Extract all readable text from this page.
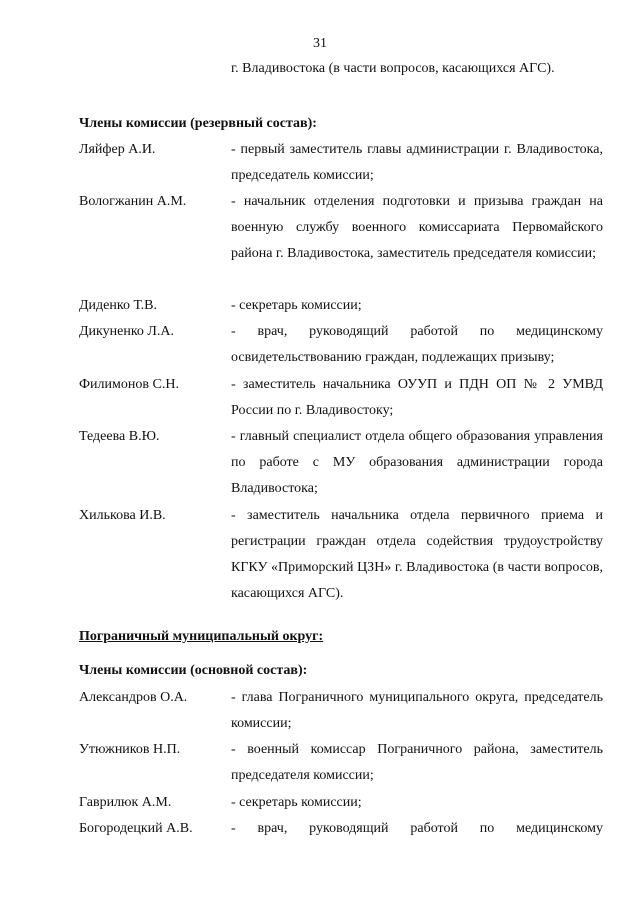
31
г. Владивостока (в части вопросов, касающихся АГС).
Члены комиссии (резервный состав):
Ляйфер А.И.	- первый заместитель главы администрации г. Владивостока, председатель комиссии;
Вологжанин А.М.	- начальник отделения подготовки и призыва граждан на военную службу военного комиссариата Первомайского района г. Владивостока, заместитель председателя комиссии;
Диденко Т.В.	- секретарь комиссии;
Дикуненко Л.А.	- врач, руководящий работой по медицинскому освидетельствованию граждан, подлежащих призыву;
Филимонов С.Н.	- заместитель начальника ОУУП и ПДН ОП № 2 УМВД России по г. Владивостоку;
Тедеева В.Ю.	- главный специалист отдела общего образования управления по работе с МУ образования администрации города Владивостока;
Хилькова И.В.	- заместитель начальника отдела первичного приема и регистрации граждан отдела содействия трудоустройству КГКУ «Приморский ЦЗН» г. Владивостока (в части вопросов, касающихся АГС).
Пограничный муниципальный округ:
Члены комиссии (основной состав):
Александров О.А.	- глава Пограничного муниципального округа, председатель комиссии;
Утюжников Н.П.	- военный комиссар Пограничного района, заместитель председателя комиссии;
Гаврилюк А.М.	- секретарь комиссии;
Богородецкий А.В.	- врач, руководящий работой по медицинскому
